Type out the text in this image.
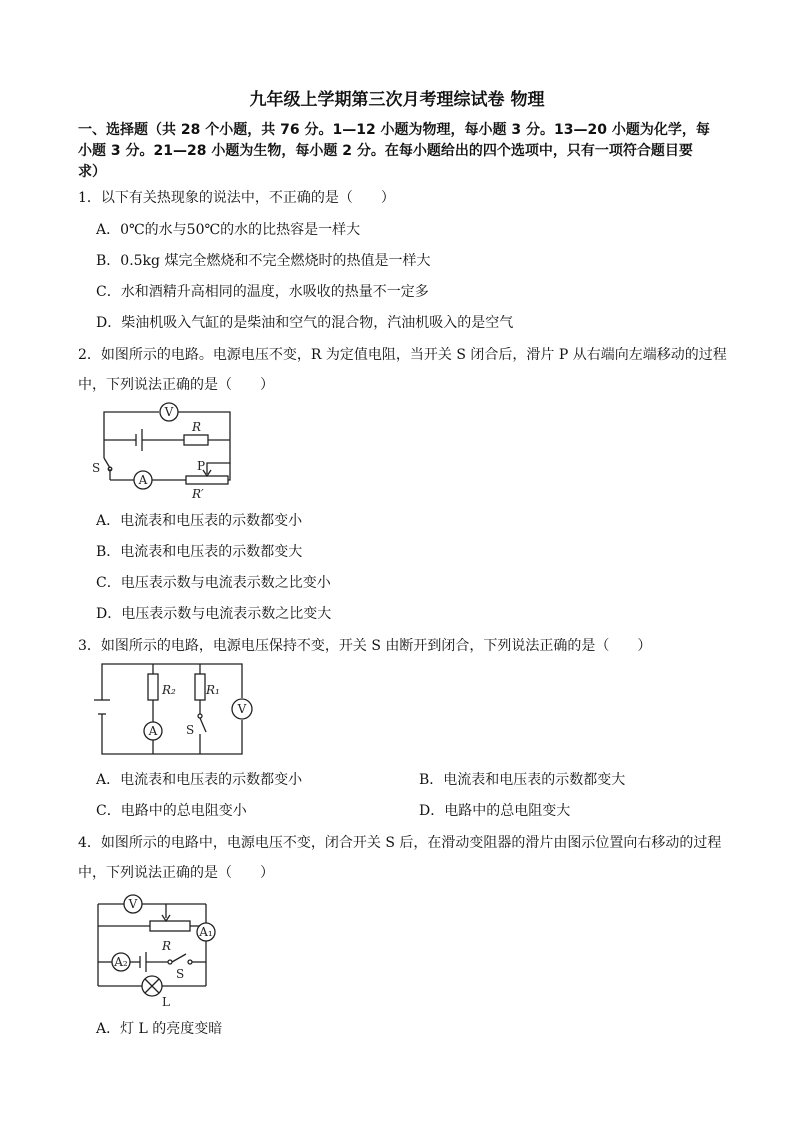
九年级上学期第三次月考理综试卷 物理
一、选择题（共 28 个小题，共 76 分。1—12 小题为物理，每小题 3 分。13—20 小题为化学，每
小题 3 分。21—28 小题为生物，每小题 2 分。在每小题给出的四个选项中，只有一项符合题目要
求）
1．以下有关热现象的说法中，不正确的是（　　）
A．0℃的水与50℃的水的比热容是一样大
B．0.5kg 煤完全燃烧和不完全燃烧时的热值是一样大
C．水和酒精升高相同的温度，水吸收的热量不一定多
D．柴油机吸入气缸的是柴油和空气的混合物，汽油机吸入的是空气
2．如图所示的电路。电源电压不变，R 为定值电阻，当开关 S 闭合后，滑片 P 从右端向左端移动的过程
中，下列说法正确的是（　　）
V
A
R
S	P
R′
A．电流表和电压表的示数都变小
B．电流表和电压表的示数都变大
C．电压表示数与电流表示数之比变小
D．电压表示数与电流表示数之比变大
3．如图所示的电路，电源电压保持不变，开关 S 由断开到闭合，下列说法正确的是（　　）
V
A
R₂	R₁
S
A．电流表和电压表的示数都变小	B．电流表和电压表的示数都变大
C．电路中的总电阻变小	D．电路中的总电阻变大
4．如图所示的电路中，电源电压不变，闭合开关 S 后，在滑动变阻器的滑片由图示位置向右移动的过程
中，下列说法正确的是（　　）
V
A₁
A₂
R
S
L
A．灯 L 的亮度变暗
